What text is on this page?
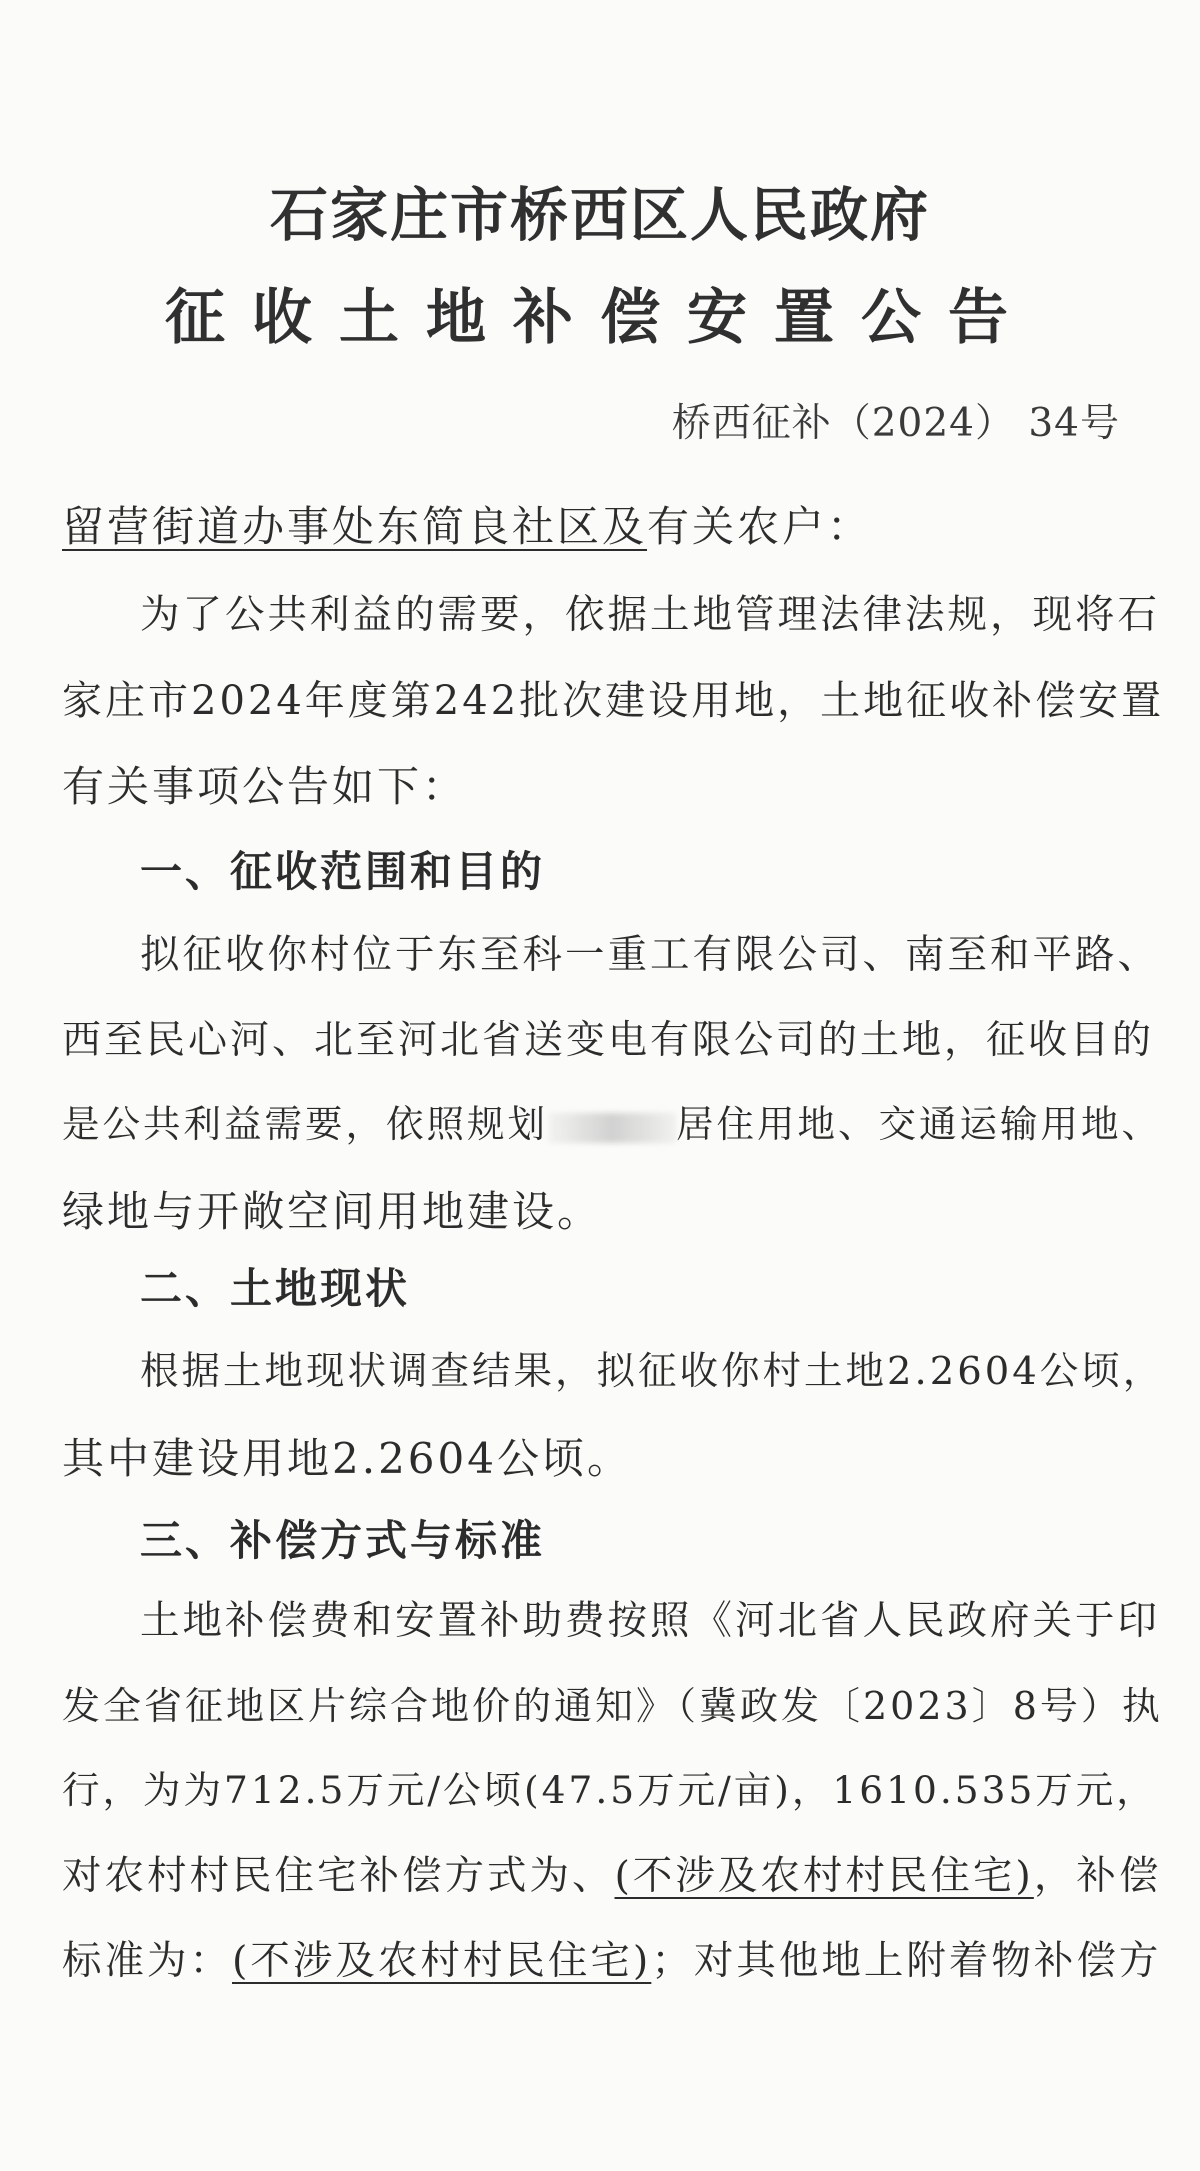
石家庄市桥西区人民政府
征收土地补偿安置公告
桥西征补（2024） 34号
留营街道办事处东简良社区及有关农户：
为了公共利益的需要，依据土地管理法律法规，现将石
家庄市2024年度第242批次建设用地，土地征收补偿安置
有关事项公告如下：
一、征收范围和目的
拟征收你村位于东至科一重工有限公司、南至和平路、
西至民心河、北至河北省送变电有限公司的土地，征收目的
是公共利益需要，依照规划	居住用地、交通运输用地、
绿地与开敞空间用地建设。
二、土地现状
根据土地现状调查结果，拟征收你村土地2.2604公顷，
其中建设用地2.2604公顷。
三、补偿方式与标准
土地补偿费和安置补助费按照《河北省人民政府关于印
发全省征地区片综合地价的通知》（冀政发〔2023〕8号）执
行，为为712.5万元/公顷(47.5万元/亩)，1610.535万元，
对农村村民住宅补偿方式为、(不涉及农村村民住宅)，补偿
标准为：(不涉及农村村民住宅)；对其他地上附着物补偿方
